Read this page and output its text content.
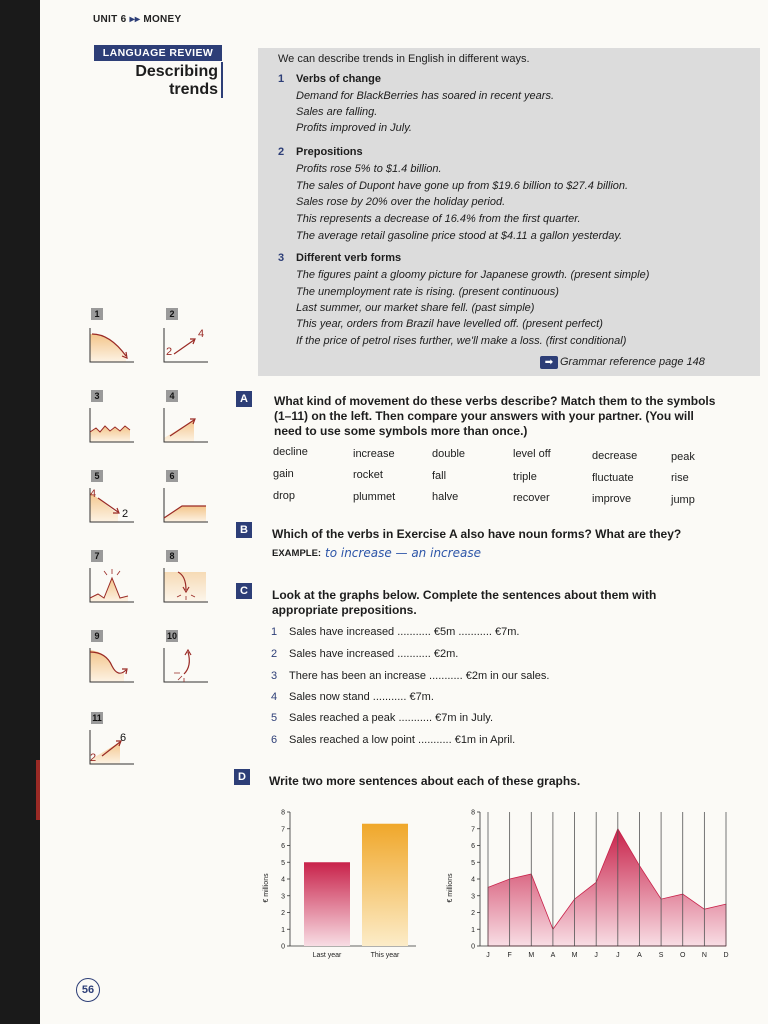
UNIT 6 ▸▸ MONEY
LANGUAGE REVIEW
Describing
trends
We can describe trends in English in different ways.
1 Verbs of change
Demand for BlackBerries has soared in recent years.
Sales are falling.
Profits improved in July.
2 Prepositions
Profits rose 5% to $1.4 billion.
The sales of Dupont have gone up from $19.6 billion to $27.4 billion.
Sales rose by 20% over the holiday period.
This represents a decrease of 16.4% from the first quarter.
The average retail gasoline price stood at $4.11 a gallon yesterday.
3 Different verb forms
The figures paint a gloomy picture for Japanese growth. (present simple)
The unemployment rate is rising. (present continuous)
Last summer, our market share fell. (past simple)
This year, orders from Brazil have levelled off. (present perfect)
If the price of petrol rises further, we'll make a loss. (first conditional)
➡ Grammar reference page 148
1	2
2
4
3	4
5
4
2
6
7	8
9	10
11
2
6
A	What kind of movement do these verbs describe? Match them to the symbols (1–11) on the left. Then compare your answers with your partner. (You will need to use some symbols more than once.)
decline	increase	double	level off	decrease	peak
gain	rocket	fall	triple	fluctuate	rise
drop	plummet	halve	recover	improve	jump
B	Which of the verbs in Exercise A also have noun forms? What are they?
EXAMPLE: to increase — an increase
C	Look at the graphs below. Complete the sentences about them with appropriate prepositions.
1 Sales have increased ........... €5m ........... €7m.
2 Sales have increased ........... €2m.
3 There has been an increase ........... €2m in our sales.
4 Sales now stand ........... €7m.
5 Sales reached a peak ........... €7m in July.
6 Sales reached a low point ........... €1m in April.
D	Write two more sentences about each of these graphs.
€ millions
0
1
2
3
4
5
6
7
8
Last year	This year
€ millions
0
1
2
3
4
5
6
7
8
J	F M A M J	J	A S O N D
56
